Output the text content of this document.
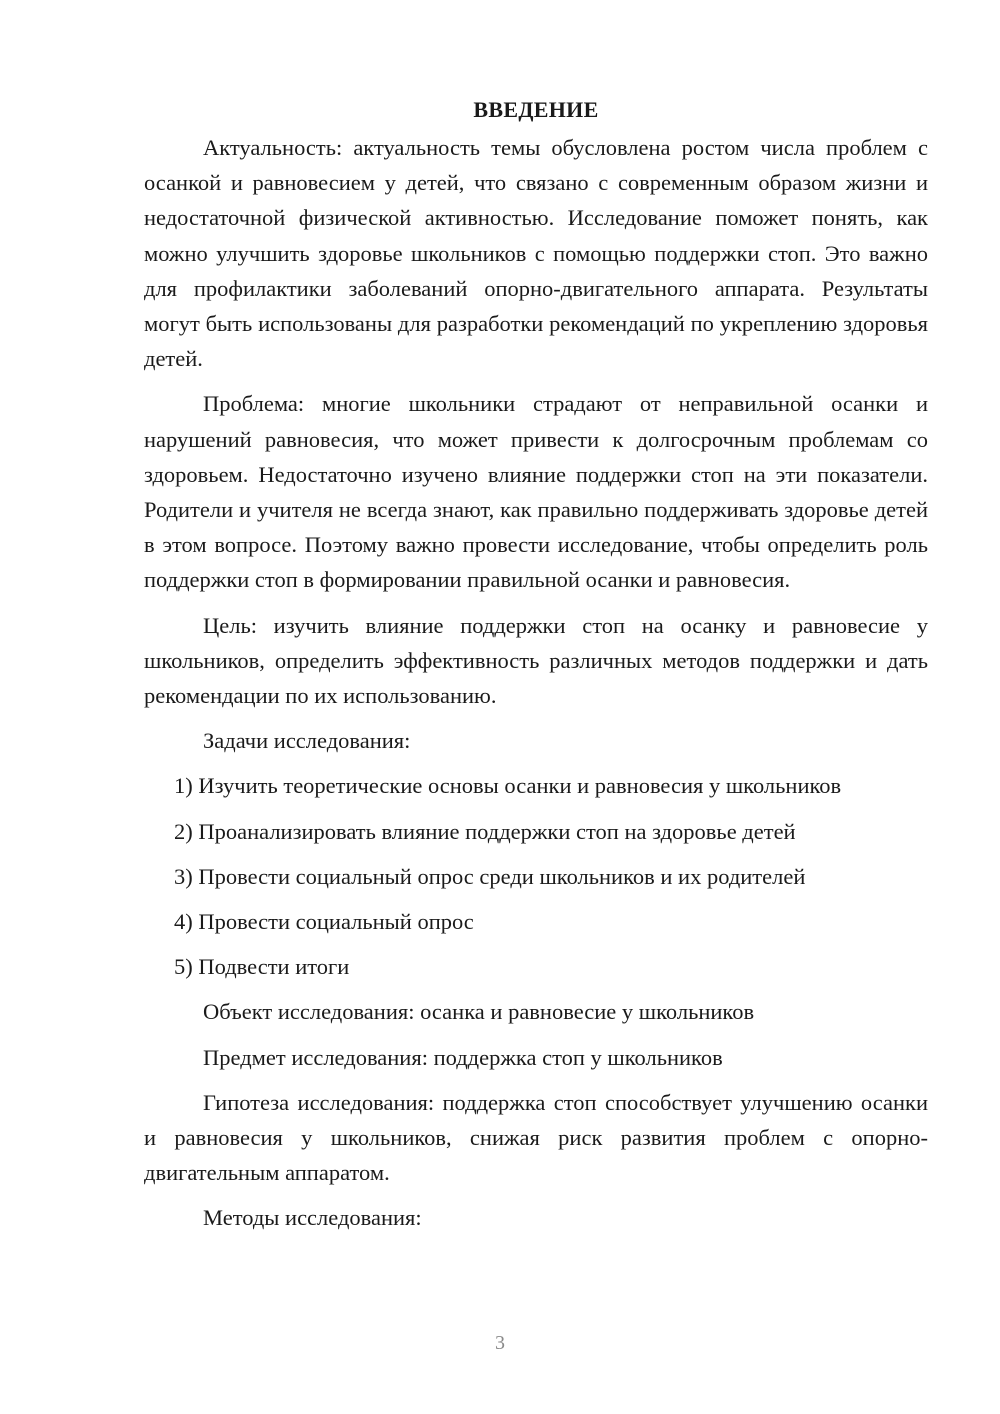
ВВЕДЕНИЕ

Актуальность: актуальность темы обусловлена ростом числа проблем с осанкой и равновесием у детей, что связано с современным образом жизни и недостаточной физической активностью. Исследование поможет понять, как можно улучшить здоровье школьников с помощью поддержки стоп. Это важно для профилактики заболеваний опорно-двигательного аппарата. Результаты могут быть использованы для разработки рекомендаций по укреплению здоровья детей.

Проблема: многие школьники страдают от неправильной осанки и нарушений равновесия, что может привести к долгосрочным проблемам со здоровьем. Недостаточно изучено влияние поддержки стоп на эти показатели. Родители и учителя не всегда знают, как правильно поддерживать здоровье детей в этом вопросе. Поэтому важно провести исследование, чтобы определить роль поддержки стоп в формировании правильной осанки и равновесия.

Цель: изучить влияние поддержки стоп на осанку и равновесие у школьников, определить эффективность различных методов поддержки и дать рекомендации по их использованию.

Задачи исследования:

1) Изучить теоретические основы осанки и равновесия у школьников
2) Проанализировать влияние поддержки стоп на здоровье детей
3) Провести социальный опрос среди школьников и их родителей
4) Провести социальный опрос
5) Подвести итоги

Объект исследования: осанка и равновесие у школьников

Предмет исследования: поддержка стоп у школьников

Гипотеза исследования: поддержка стоп способствует улучшению осанки и равновесия у школьников, снижая риск развития проблем с опорно-двигательным аппаратом.

Методы исследования:

3
